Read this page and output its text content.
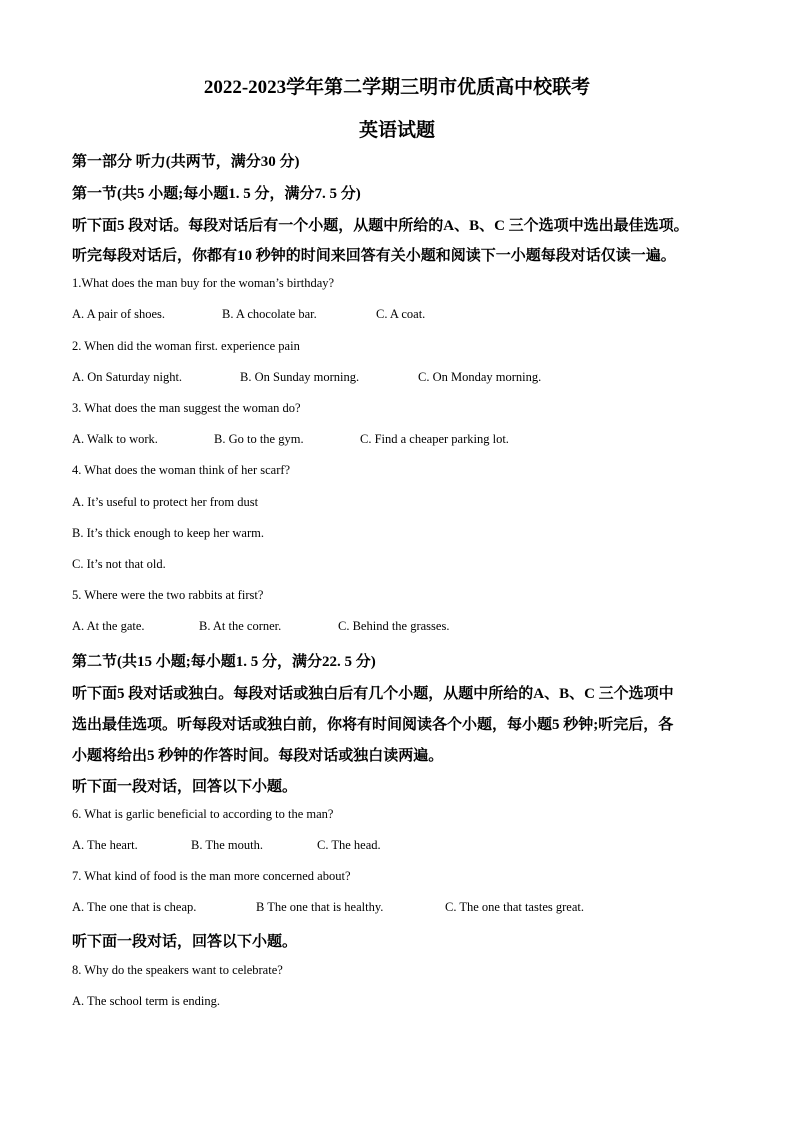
2022-2023学年第二学期三明市优质高中校联考
英语试题
第一部分 听力(共两节，满分30 分)
第一节(共5 小题;每小题1. 5 分，满分7. 5 分)
听下面5 段对话。每段对话后有一个小题，从题中所给的A、B、C 三个选项中选出最佳选项。
听完每段对话后，你都有10 秒钟的时间来回答有关小题和阅读下一小题每段对话仅读一遍。
1.What does the man buy for the woman’s birthday?
A. A pair of shoes.	B. A chocolate bar.	C. A coat.
2. When did the woman first. experience pain
A. On Saturday night.	B. On Sunday morning.	C. On Monday morning.
3. What does the man suggest the woman do?
A. Walk to work.	B. Go to the gym.	C. Find a cheaper parking lot.
4. What does the woman think of her scarf?
A. It’s useful to protect her from dust
B. It’s thick enough to keep her warm.
C. It’s not that old.
5. Where were the two rabbits at first?
A. At the gate.	B. At the corner.	C. Behind the grasses.
第二节(共15 小题;每小题1. 5 分，满分22. 5 分)
听下面5 段对话或独白。每段对话或独白后有几个小题，从题中所给的A、B、C 三个选项中
选出最佳选项。听每段对话或独白前，你将有时间阅读各个小题，每小题5 秒钟;听完后，各
小题将给出5 秒钟的作答时间。每段对话或独白读两遍。
听下面一段对话，回答以下小题。
6. What is garlic beneficial to according to the man?
A. The heart.	B. The mouth.	C. The head.
7. What kind of food is the man more concerned about?
A. The one that is cheap.	B The one that is healthy.	C. The one that tastes great.
听下面一段对话，回答以下小题。
8. Why do the speakers want to celebrate?
A. The school term is ending.
